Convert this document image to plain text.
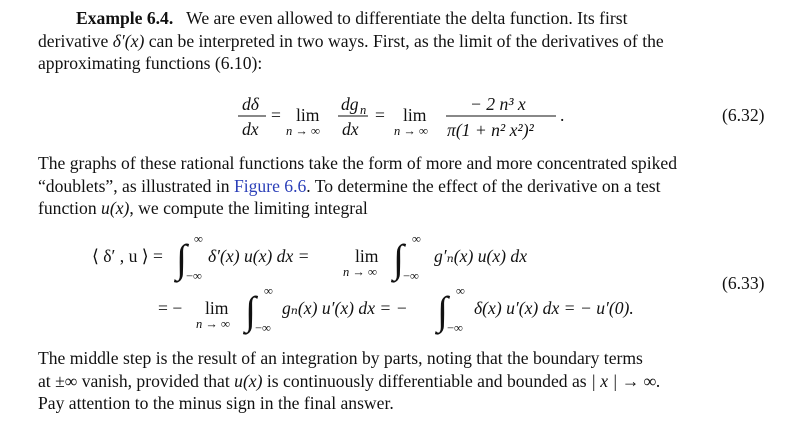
Example 6.4. We are even allowed to differentiate the delta function. Its first
derivative δ′(x) can be interpreted in two ways. First, as the limit of the derivatives of the
approximating functions (6.10):
dδ
dx
= lim
n → ∞
dg n
dx
= lim
n → ∞
− 2 n³ x
π(1 + n² x²)²
.	(6.32)
The graphs of these rational functions take the form of more and more concentrated spiked
“doublets”, as illustrated in Figure 6.6. To determine the effect of the derivative on a test
function u(x), we compute the limiting integral
⟨ δ′ , u ⟩ = ∫ ∞
−∞
δ′(x) u(x) dx =	lim
n → ∞ ∫ ∞
−∞
g′ₙ(x) u(x) dx
= − lim
n → ∞ ∫ ∞
−∞
gₙ(x) u′(x) dx = − ∫ ∞
−∞
δ(x) u′(x) dx = − u′(0).
(6.33)
The middle step is the result of an integration by parts, noting that the boundary terms
at ±∞ vanish, provided that u(x) is continuously differentiable and bounded as | x | → ∞.
Pay attention to the minus sign in the final answer.
